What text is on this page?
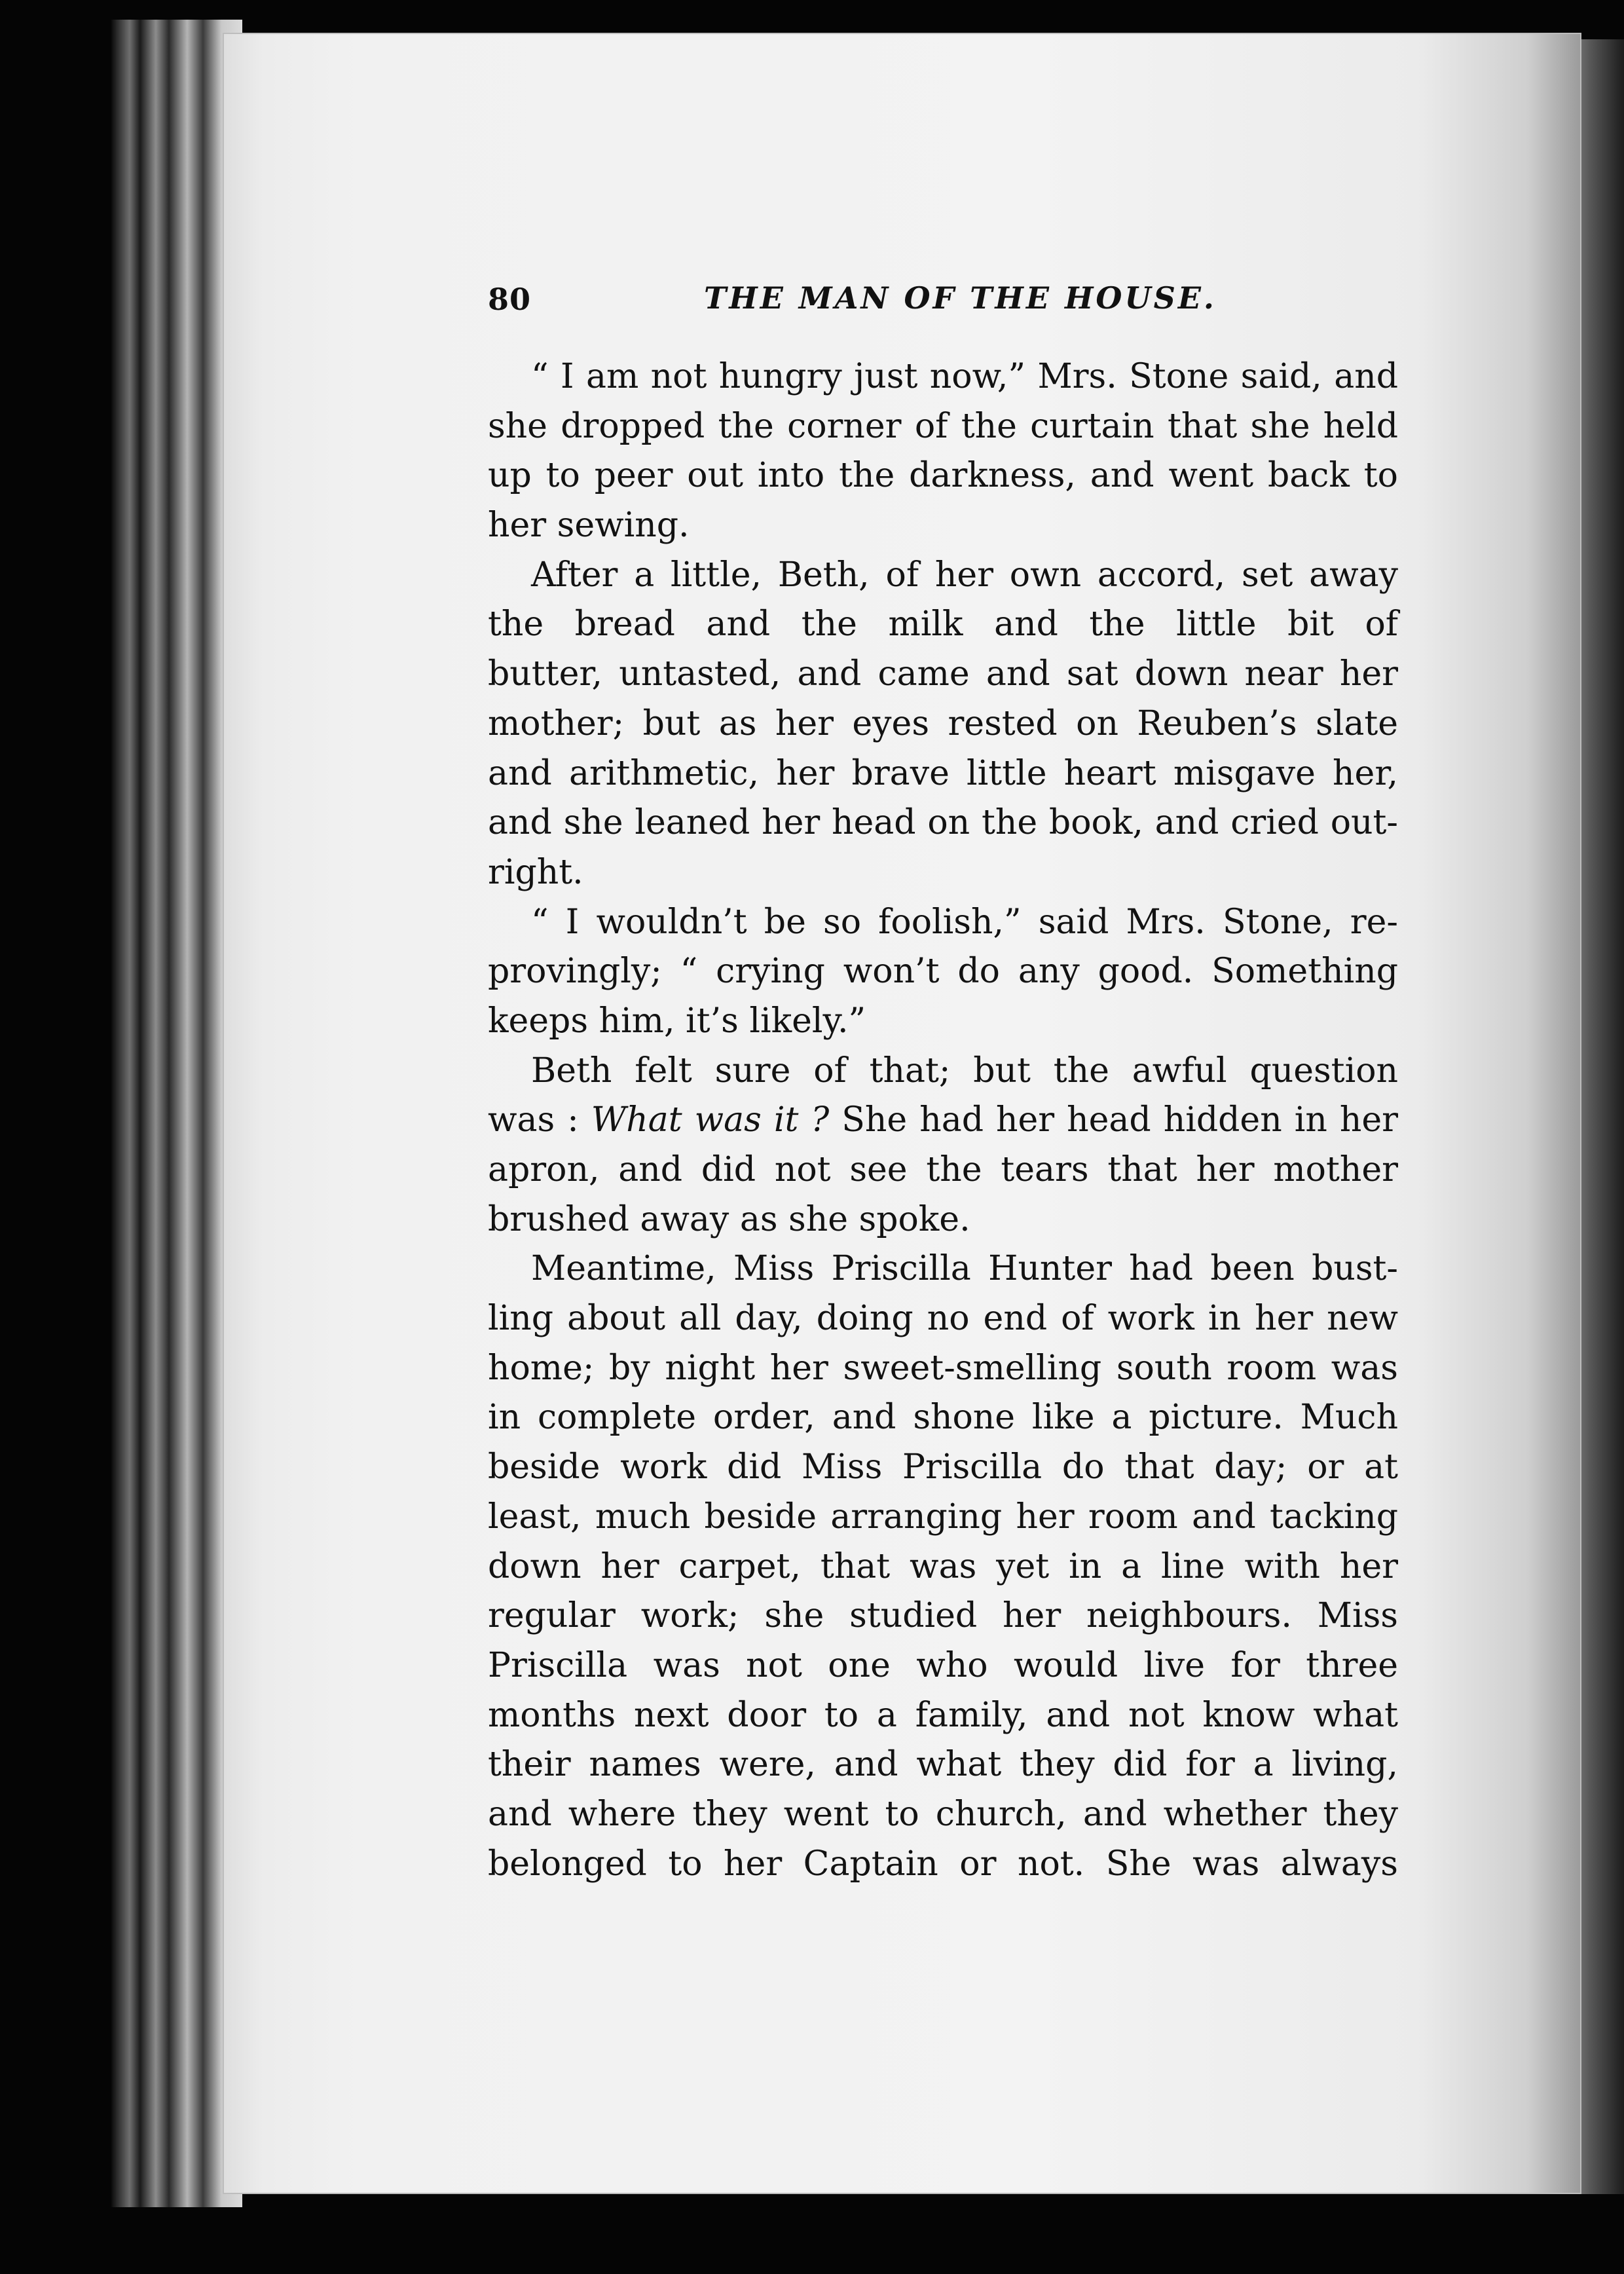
80	THE MAN OF THE HOUSE.
“ I am not hungry just now,” Mrs. Stone said, and
she dropped the corner of the curtain that she held
up to peer out into the darkness, and went back to
her sewing.
After a little, Beth, of her own accord, set away
the bread and the milk and the little bit of
butter, untasted, and came and sat down near her
mother; but as her eyes rested on Reuben’s slate
and arithmetic, her brave little heart misgave her,
and she leaned her head on the book, and cried out-
right.
“ I wouldn’t be so foolish,” said Mrs. Stone, re-
provingly; “ crying won’t do any good. Something
keeps him, it’s likely.”
Beth felt sure of that; but the awful question
was : What was it ? She had her head hidden in her
apron, and did not see the tears that her mother
brushed away as she spoke.
Meantime, Miss Priscilla Hunter had been bust-
ling about all day, doing no end of work in her new
home; by night her sweet-smelling south room was
in complete order, and shone like a picture. Much
beside work did Miss Priscilla do that day; or at
least, much beside arranging her room and tacking
down her carpet, that was yet in a line with her
regular work; she studied her neighbours. Miss
Priscilla was not one who would live for three
months next door to a family, and not know what
their names were, and what they did for a living,
and where they went to church, and whether they
belonged to her Captain or not. She was always
